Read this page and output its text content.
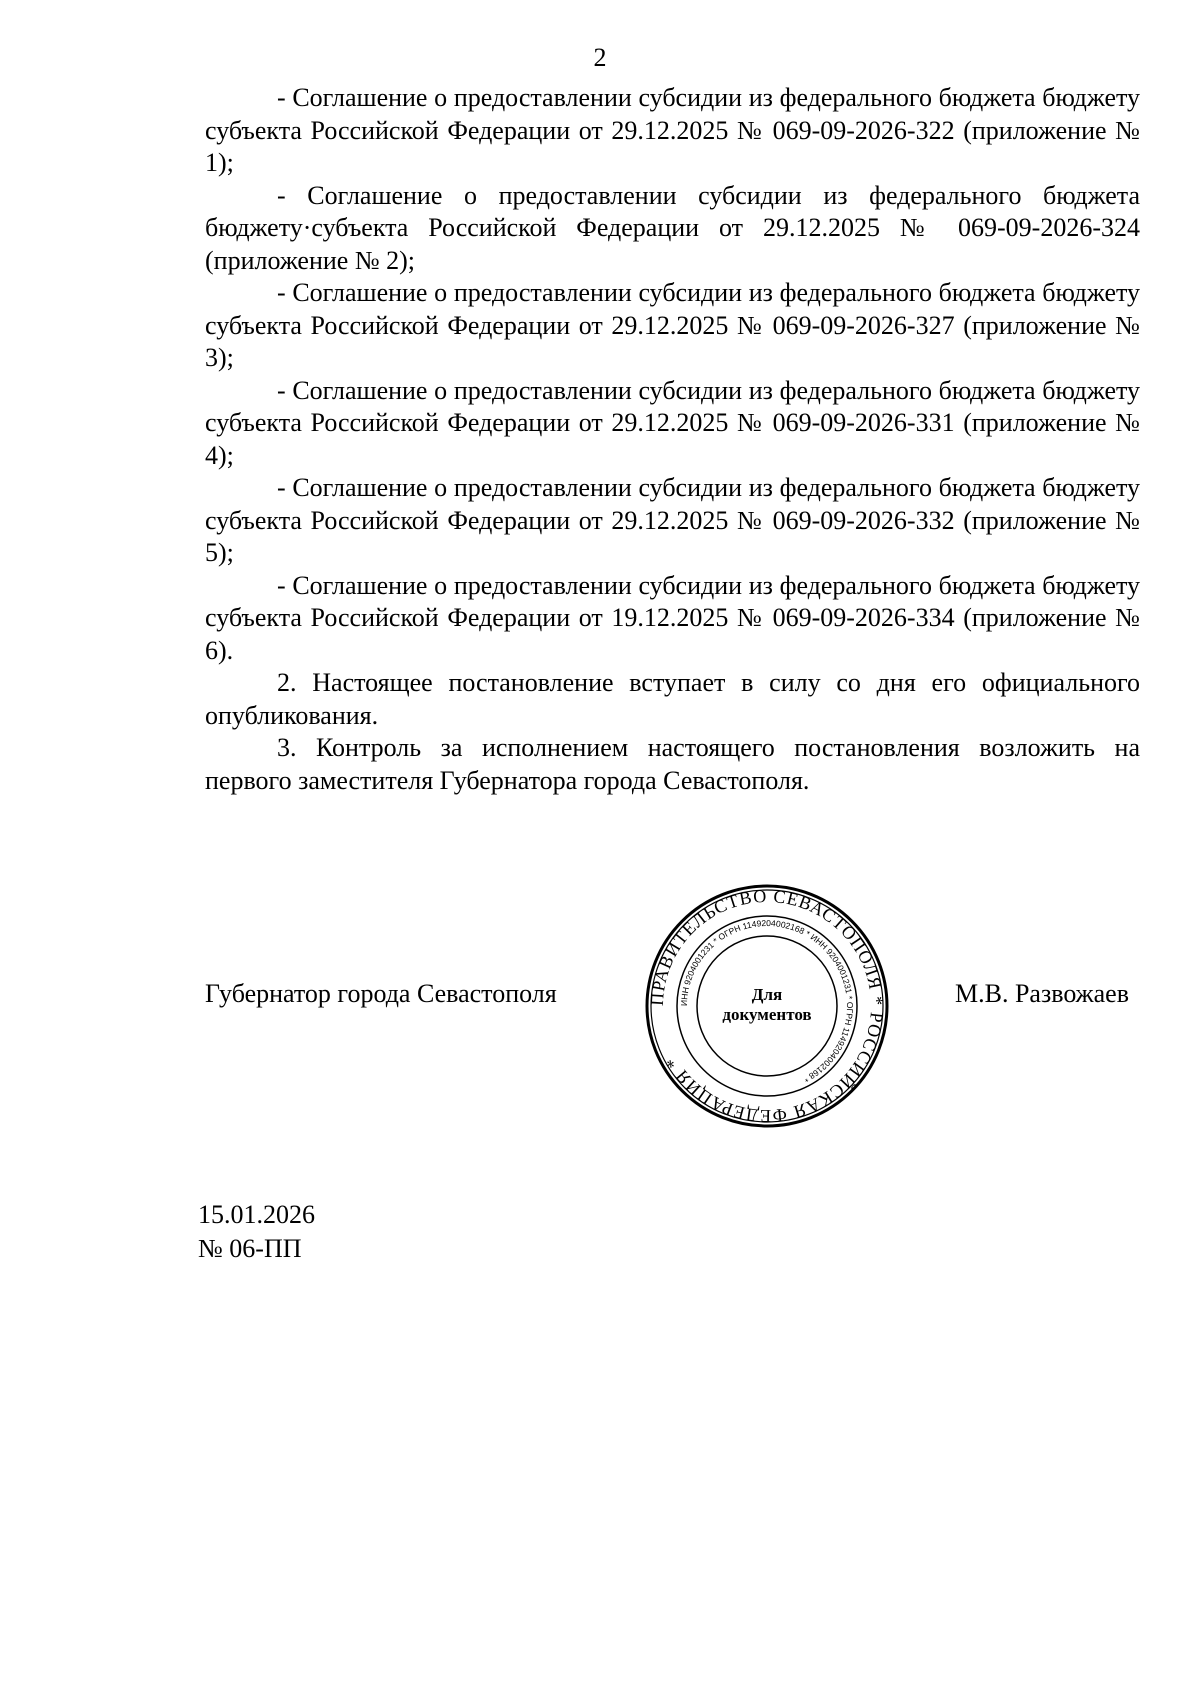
2

- Соглашение о предоставлении субсидии из федерального бюджета бюджету субъекта Российской Федерации от 29.12.2025 № 069-09-2026-322 (приложение № 1);

- Соглашение о предоставлении субсидии из федерального бюджета бюджету·субъекта Российской Федерации от 29.12.2025 № 069-09-2026-324 (приложение № 2);

- Соглашение о предоставлении субсидии из федерального бюджета бюджету субъекта Российской Федерации от 29.12.2025 № 069-09-2026-327 (приложение № 3);

- Соглашение о предоставлении субсидии из федерального бюджета бюджету субъекта Российской Федерации от 29.12.2025 № 069-09-2026-331 (приложение № 4);

- Соглашение о предоставлении субсидии из федерального бюджета бюджету субъекта Российской Федерации от 29.12.2025 № 069-09-2026-332 (приложение № 5);

- Соглашение о предоставлении субсидии из федерального бюджета бюджету субъекта Российской Федерации от 19.12.2025 № 069-09-2026-334 (приложение № 6).

2. Настоящее постановление вступает в силу со дня его официального опубликования.

3. Контроль за исполнением настоящего постановления возложить на первого заместителя Губернатора города Севастополя.

Губернатор города Севастополя	М.В. Развожаев
ПРАВИТЕЛЬСТВО СЕВАСТОПОЛЯ * РОССИЙСКАЯ ФЕДЕРАЦИЯ *
ИНН 9204001231 * ОГРН 1149204002168 * ИНН 9204001231 * ОГРН 1149204002168 *
Для
документов
15.01.2026
№ 06-ПП
